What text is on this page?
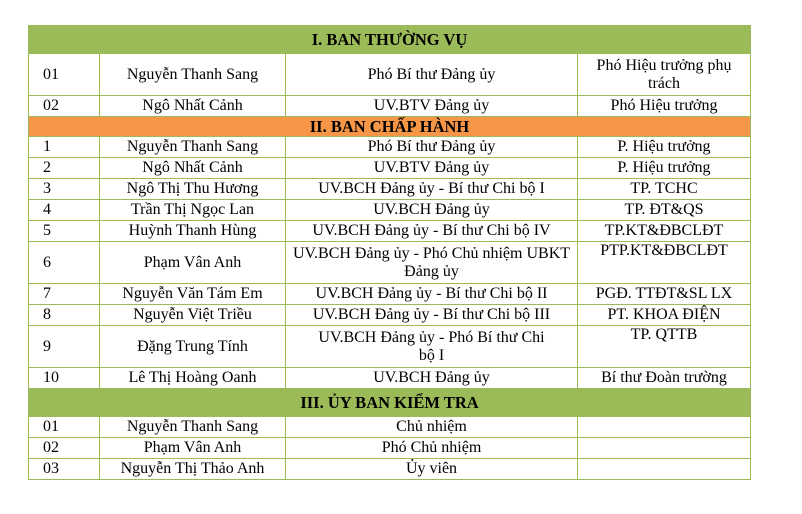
I. BAN THƯỜNG VỤ			
01	Nguyễn Thanh Sang	Phó Bí thư Đảng ủy	Phó Hiệu trưởng phụ trách
02	Ngô Nhất Cảnh	UV.BTV Đảng ủy	Phó Hiệu trưởng
II. BAN CHẤP HÀNH			
1	Nguyễn Thanh Sang	Phó Bí thư Đảng ủy	P. Hiệu trưởng
2	Ngô Nhất Cảnh	UV.BTV Đảng ủy	P. Hiệu trưởng
3	Ngô Thị Thu Hương	UV.BCH Đảng ủy - Bí thư Chi bộ I	TP. TCHC
4	Trần Thị Ngọc Lan	UV.BCH Đảng ủy	TP. ĐT&QS
5	Huỳnh Thanh Hùng	UV.BCH Đảng ủy - Bí thư Chi bộ IV	TP.KT&ĐBCLĐT
6	Phạm Vân Anh	UV.BCH Đảng ủy - Phó Chủ nhiệm UBKT Đảng ủy	PTP.KT&ĐBCLĐT
7	Nguyễn Văn Tám Em	UV.BCH Đảng ủy - Bí thư Chi bộ II	PGĐ. TTĐT&SL LX
8	Nguyễn Việt Triều	UV.BCH Đảng ủy - Bí thư Chi bộ III	PT. KHOA ĐIỆN
9	Đặng Trung Tính	UV.BCH Đảng ủy - Phó Bí thư Chi bộ I	TP. QTTB
10	Lê Thị Hoàng Oanh	UV.BCH Đảng ủy	Bí thư Đoàn trường
III. ỦY BAN KIỂM TRA			
01	Nguyễn Thanh Sang	Chủ nhiệm	
02	Phạm Vân Anh	Phó Chủ nhiệm	
03	Nguyễn Thị Thảo Anh	Ủy viên	
